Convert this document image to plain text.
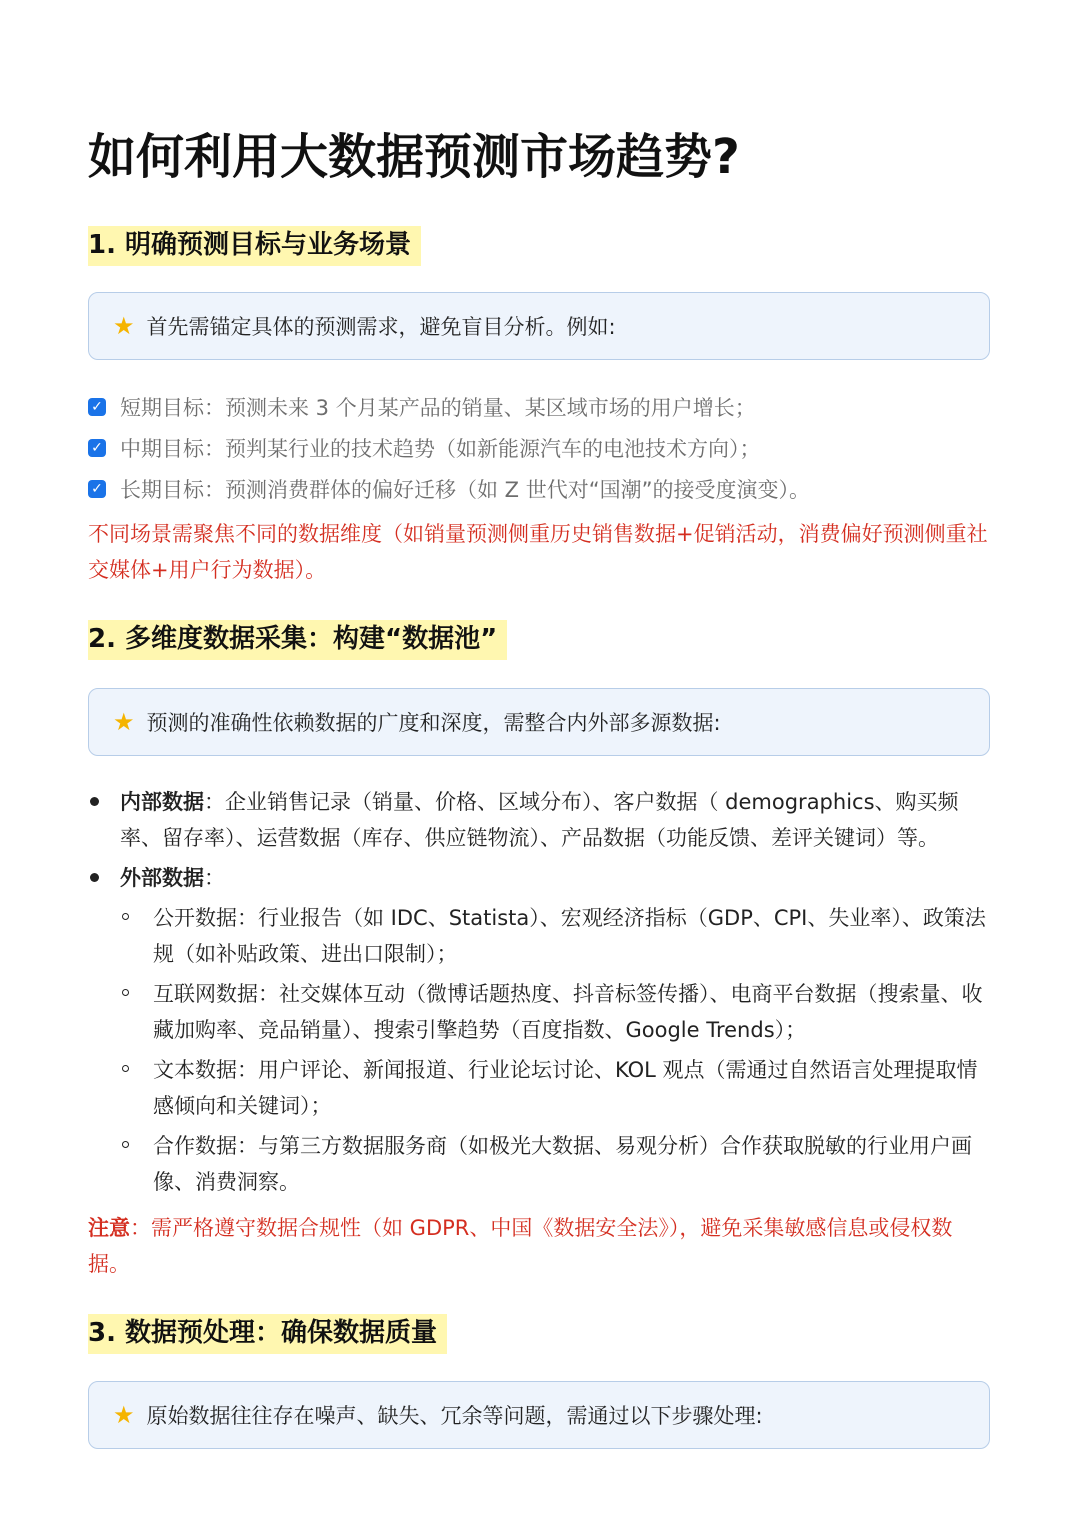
如何利用大数据预测市场趋势?
1. 明确预测目标与业务场景
★ 首先需锚定具体的预测需求，避免盲目分析。例如:
✓ 短期目标：预测未来 3 个月某产品的销量、某区域市场的用户增长；
✓ 中期目标：预判某行业的技术趋势（如新能源汽车的电池技术方向）；
✓ 长期目标：预测消费群体的偏好迁移（如 Z 世代对“国潮”的接受度演变）。

不同场景需聚焦不同的数据维度（如销量预测侧重历史销售数据+促销活动，消费偏好预测侧重社交媒体+用户行为数据）。

2. 多维度数据采集：构建“数据池”
★ 预测的准确性依赖数据的广度和深度，需整合内外部多源数据:
内部数据：企业销售记录（销量、价格、区域分布）、客户数据（ demographics、购买频率、留存率）、运营数据（库存、供应链物流）、产品数据（功能反馈、差评关键词）等。
外部数据：
公开数据：行业报告（如 IDC、Statista）、宏观经济指标（GDP、CPI、失业率）、政策法规（如补贴政策、进出口限制）；
互联网数据：社交媒体互动（微博话题热度、抖音标签传播）、电商平台数据（搜索量、收藏加购率、竞品销量）、搜索引擎趋势（百度指数、Google Trends）；
文本数据：用户评论、新闻报道、行业论坛讨论、KOL 观点（需通过自然语言处理提取情感倾向和关键词）；
合作数据：与第三方数据服务商（如极光大数据、易观分析）合作获取脱敏的行业用户画像、消费洞察。

注意：需严格遵守数据合规性（如 GDPR、中国《数据安全法》），避免采集敏感信息或侵权数据。

3. 数据预处理：确保数据质量
★ 原始数据往往存在噪声、缺失、冗余等问题，需通过以下步骤处理:
